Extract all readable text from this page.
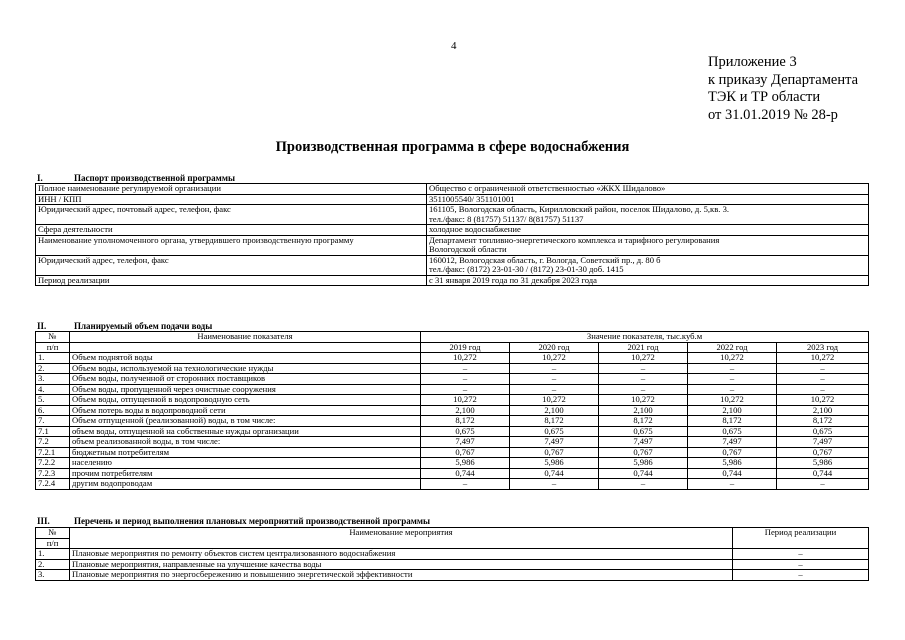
4
Приложение 3
к приказу Департамента
ТЭК и ТР области
от 31.01.2019 № 28-р
Производственная программа в сфере водоснабжения
I.	Паспорт производственной программы
Полное наименование регулируемой организации	Общество с ограниченной ответственностью «ЖКХ Шидалово»

ИНН / КПП	3511005540/ 351101001

Юридический адрес, почтовый адрес, телефон, факс	161105, Вологодская область, Кирилловский район, поселок Шидалово, д. 5,кв. 3.
тел./факс: 8 (81757) 51137/ 8(81757) 51137

Сфера деятельности	холодное водоснабжение

Наименование уполномоченного органа, утвердившего производственную программу	Департамент топливно-энергетического комплекса и тарифного регулирования
Вологодской области

Юридический адрес, телефон, факс	160012, Вологодская область, г. Вологда, Советский пр., д. 80 б
тел./факс: (8172) 23-01-30 / (8172) 23-01-30 доб. 1415

Период реализации	с 31 января 2019 года по 31 декабря 2023 года
II.	Планируемый объем подачи воды
№	Наименование показателя	Значение показателя, тыс.куб.м				
п/п		2019 год	2020 год	2021 год	2022 год	2023 год
1.	Объем поднятой воды	10,272	10,272	10,272	10,272	10,272
2.	Объем воды, используемой на технологические нужды	–	–	–	–	–
3.	Объем воды, полученной от сторонних поставщиков	–	–	–	–	–
4.	Объем воды, пропущенной через очистные сооружения	–	–	–	–	–
5.	Объем воды, отпущенной в водопроводную сеть	10,272	10,272	10,272	10,272	10,272
6.	Объем потерь воды в водопроводной сети	2,100	2,100	2,100	2,100	2,100
7.	Объем отпущенной (реализованной) воды, в том числе:	8,172	8,172	8,172	8,172	8,172
7.1	объем воды, отпущенной на собственные нужды организации	0,675	0,675	0,675	0,675	0,675
7.2	объем реализованной воды, в том числе:	7,497	7,497	7,497	7,497	7,497
7.2.1	бюджетным потребителям	0,767	0,767	0,767	0,767	0,767
7.2.2	населению	5,986	5,986	5,986	5,986	5,986
7.2.3	прочим потребителям	0,744	0,744	0,744	0,744	0,744
7.2.4	другим водопроводам	–	–	–	–	–
III.	Перечень и период выполнения плановых мероприятий производственной программы
№	Наименование мероприятия	Период реализации
п/п		
1.	Плановые мероприятия по ремонту объектов систем централизованного водоснабжения	–
2.	Плановые мероприятия, направленные на улучшение качества воды	–
3.	Плановые мероприятия по энергосбережению и повышению энергетической эффективности	–
